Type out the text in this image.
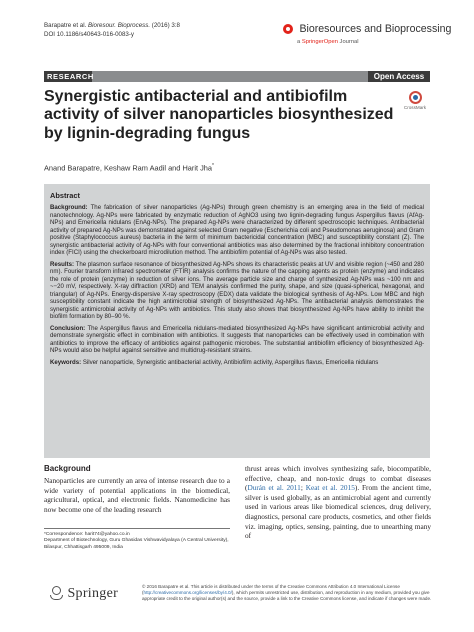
Barapatre et al. Bioresour. Bioprocess. (2016) 3:8
DOI 10.1186/s40643-016-0083-y	Bioresources and Bioprocessing
a SpringerOpen Journal
RESEARCH	Open Access
CrossMark
Synergistic antibacterial and antibiofilm activity of silver nanoparticles biosynthesized by lignin-degrading fungus
Anand Barapatre, Keshaw Ram Aadil and Harit Jha*
Abstract

Background: The fabrication of silver nanoparticles (Ag-NPs) through green chemistry is an emerging area in the field of medical nanotechnology. Ag-NPs were fabricated by enzymatic reduction of AgNO3 using two lignin-degrading fungus Aspergillus flavus (AfAg-NPs) and Emericella nidulans (EnAg-NPs). The prepared Ag-NPs were characterized by different spectroscopic techniques. Antibacterial activity of prepared Ag-NPs was demonstrated against selected Gram negative (Escherichia coli and Pseudomonas aeruginosa) and Gram positive (Staphylococcus aureus) bacteria in the term of minimum bactericidal concentration (MBC) and susceptibility constant (Z). The synergistic antibacterial activity of Ag-NPs with four conventional antibiotics was also determined by the fractional inhibitory concentration index (FICI) using the checkerboard microdilution method. The antibiofilm potential of Ag-NPs was also tested.

Results: The plasmon surface resonance of biosynthesized Ag-NPs shows its characteristic peaks at UV and visible region (~450 and 280 nm). Fourier transform infrared spectrometer (FTIR) analysis confirms the nature of the capping agents as protein (enzyme) and indicates the role of protein (enzyme) in reduction of silver ions. The average particle size and charge of synthesized Ag-NPs was ~100 nm and ~−20 mV, respectively. X-ray diffraction (XRD) and TEM analysis confirmed the purity, shape, and size (quasi-spherical, hexagonal, and triangular) of Ag-NPs. Energy-dispersive X-ray spectroscopy (EDX) data validate the biological synthesis of Ag-NPs. Low MBC and high susceptibility constant indicate the high antimicrobial strength of biosynthesized Ag-NPs. The antibacterial analysis demonstrates the synergistic antimicrobial activity of Ag-NPs with antibiotics. This study also shows that biosynthesized Ag-NPs have ability to inhibit the biofilm formation by 80–90 %.

Conclusion: The Aspergillus flavus and Emericella nidulans-mediated biosynthesized Ag-NPs have significant antimicrobial activity and demonstrate synergistic effect in combination with antibiotics. It suggests that nanoparticles can be effectively used in combination with antibiotics to improve the efficacy of antibiotics against pathogenic microbes. The substantial antibiofilm efficiency of biosynthesized Ag-NPs would also be helpful against sensitive and multidrug-resistant strains.

Keywords: Silver nanoparticle, Synergistic antibacterial activity, Antibiofilm activity, Aspergillus flavus, Emericella nidulans

Background

Nanoparticles are currently an area of intense research due to a wide variety of potential applications in the biomedical, agricultural, optical, and electronic fields. Nanomedicine has now become one of the leading research

thrust areas which involves synthesizing safe, biocompatible, effective, cheap, and non-toxic drugs to combat diseases (Durán et al. 2011; Keat et al. 2015). From the ancient time, silver is used globally, as an antimicrobial agent and currently used in various areas like biomedical sciences, drug delivery, diagnostics, personal care products, cosmetics, and other fields viz. imaging, optics, sensing, painting, due to unearthing many of

*Correspondence: harit74@yahoo.co.in
Department of Biotechnology, Guru Ghasidas Vishwavidyalaya (A Central University), Bilaspur, Chhattisgarh 495009, India
Springer	© 2016 Barapatre et al. This article is distributed under the terms of the Creative Commons Attribution 4.0 International License (http://creativecommons.org/licenses/by/4.0/), which permits unrestricted use, distribution, and reproduction in any medium, provided you give appropriate credit to the original author(s) and the source, provide a link to the Creative Commons license, and indicate if changes were made.
